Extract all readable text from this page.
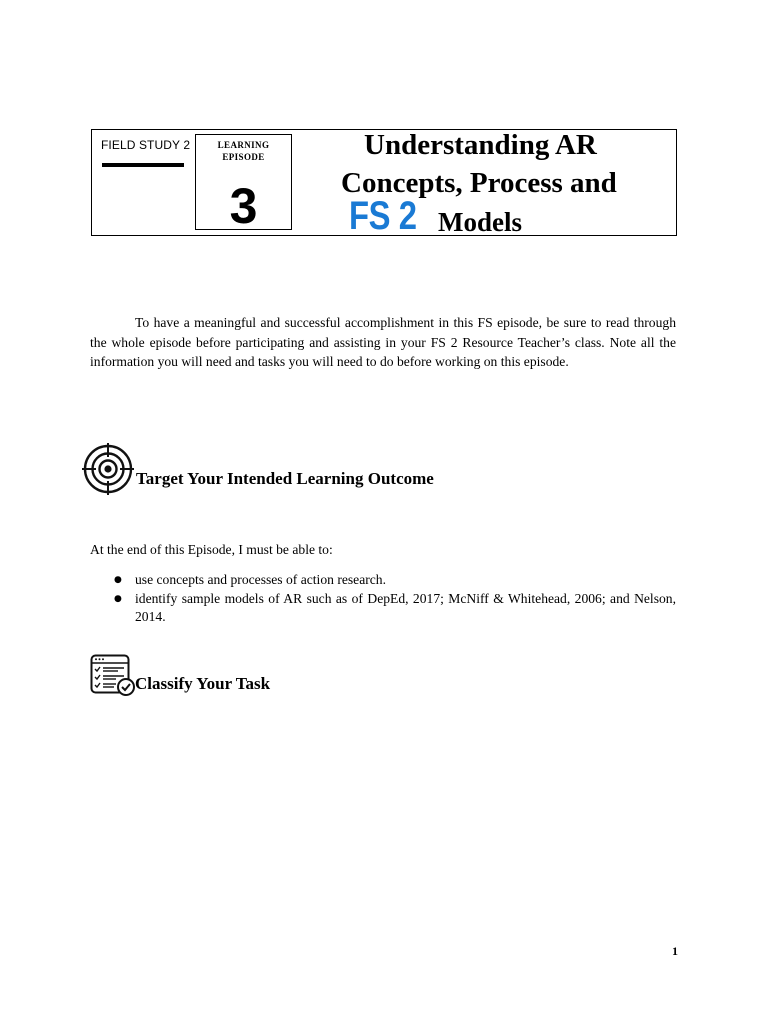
FIELD STUDY 2	LEARNING
EPISODE
3
Understanding AR
Concepts, Process and
FS 2 Models

To have a meaningful and successful accomplishment in this FS episode, be sure to read through the whole episode before participating and assisting in your FS 2 Resource Teacher’s class. Note all the information you will need and tasks you will need to do before working on this episode.

Target Your Intended Learning Outcome
At the end of this Episode, I must be able to:
● use concepts and processes of action research.
● identify sample models of AR such as of DepEd, 2017; McNiff & Whitehead, 2006; and Nelson, 2014.
Classify Your Task
1
